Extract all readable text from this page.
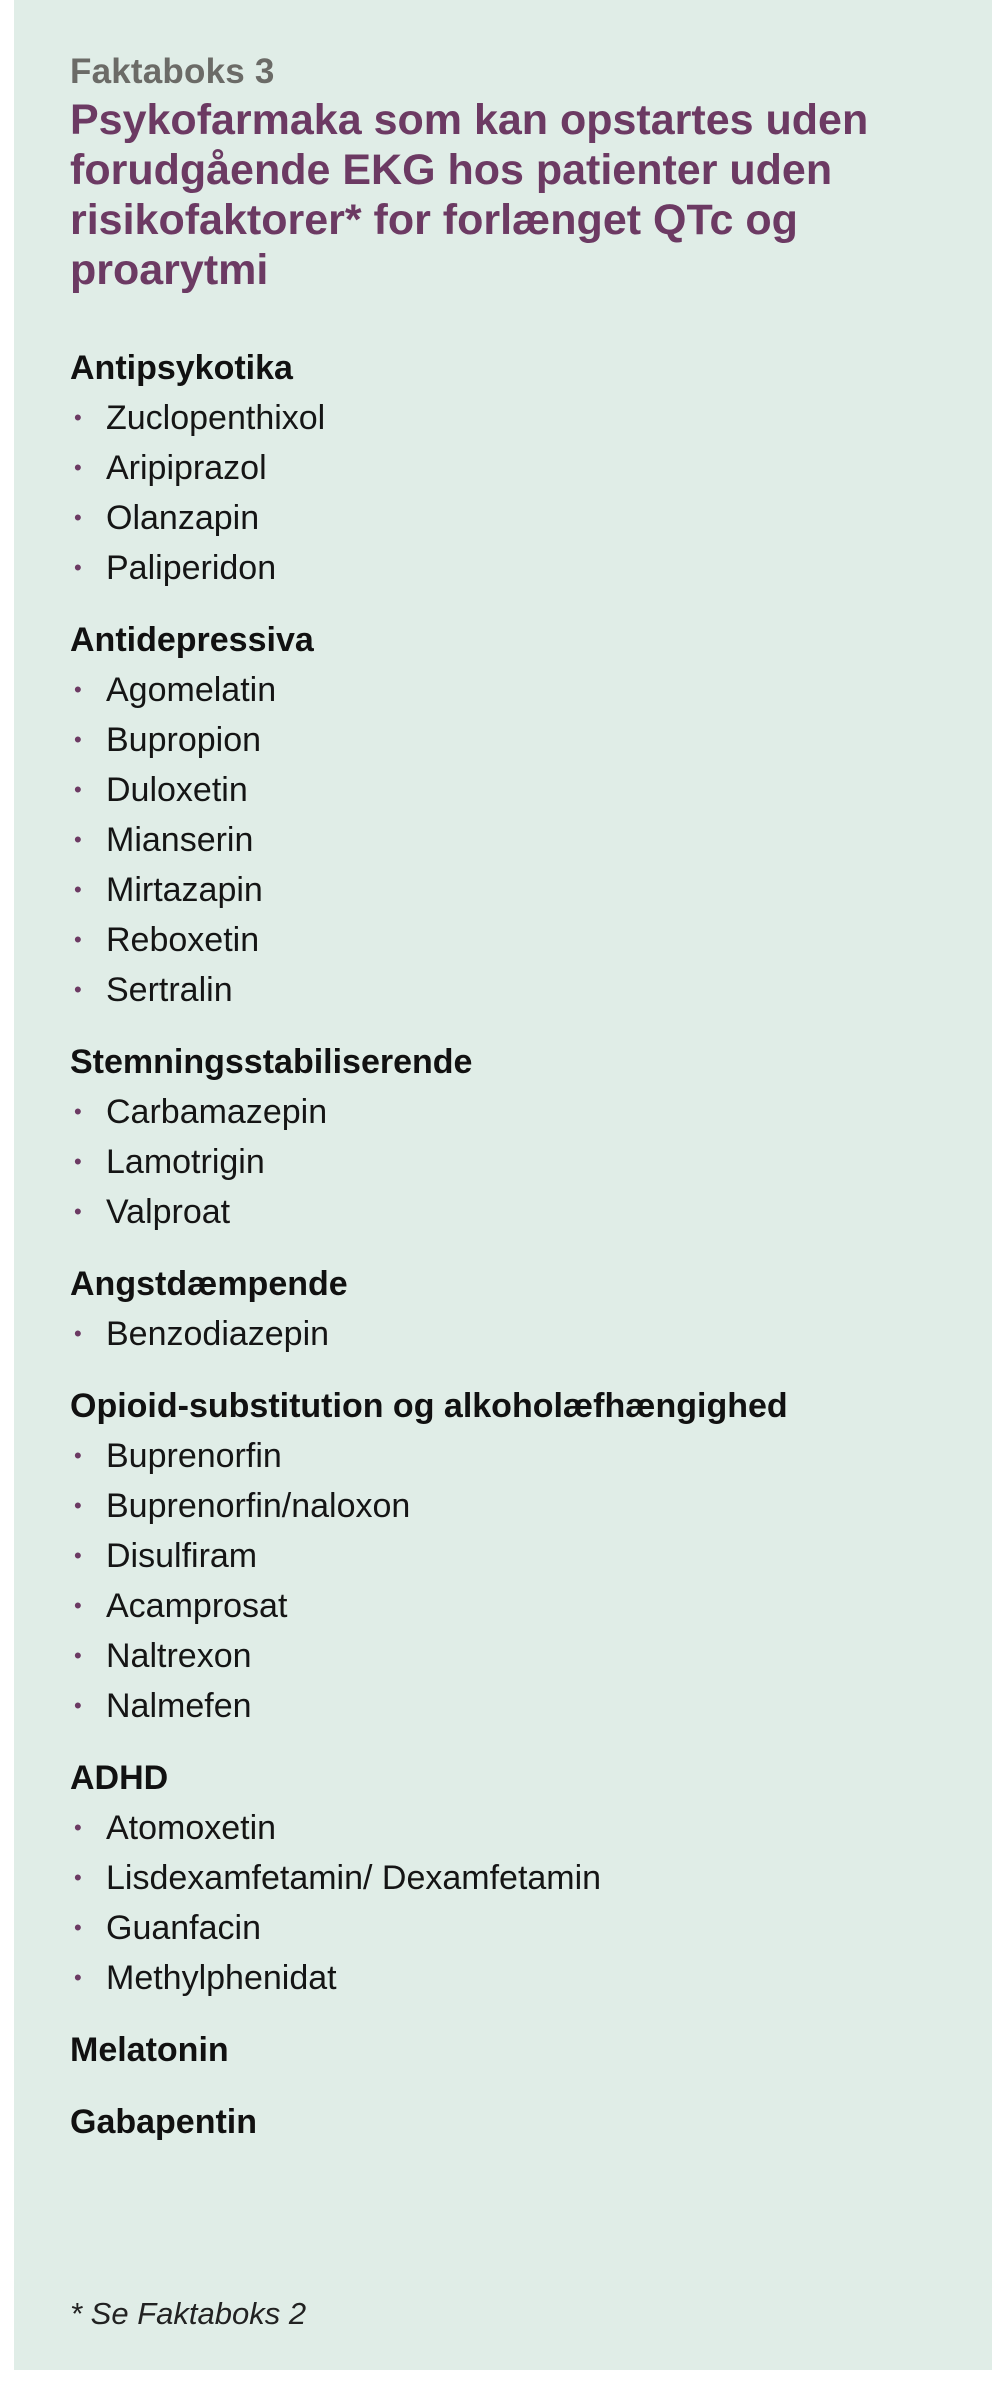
Faktaboks 3

Psykofarmaka som kan opstartes uden forudgående EKG hos patienter uden risikofaktorer* for forlænget QTc og proarytmi
Antipsykotika
• Zuclopenthixol
• Aripiprazol
• Olanzapin
• Paliperidon
Antidepressiva
• Agomelatin
• Bupropion
• Duloxetin
• Mianserin
• Mirtazapin
• Reboxetin
• Sertralin
Stemningsstabiliserende
• Carbamazepin
• Lamotrigin
• Valproat
Angstdæmpende
• Benzodiazepin
Opioid-substitution og alkoholæfhængighed
• Buprenorfin
• Buprenorfin/naloxon
• Disulfiram
• Acamprosat
• Naltrexon
• Nalmefen
ADHD
• Atomoxetin
• Lisdexamfetamin/ Dexamfetamin
• Guanfacin
• Methylphenidat
Melatonin
Gabapentin

* Se Faktaboks 2
